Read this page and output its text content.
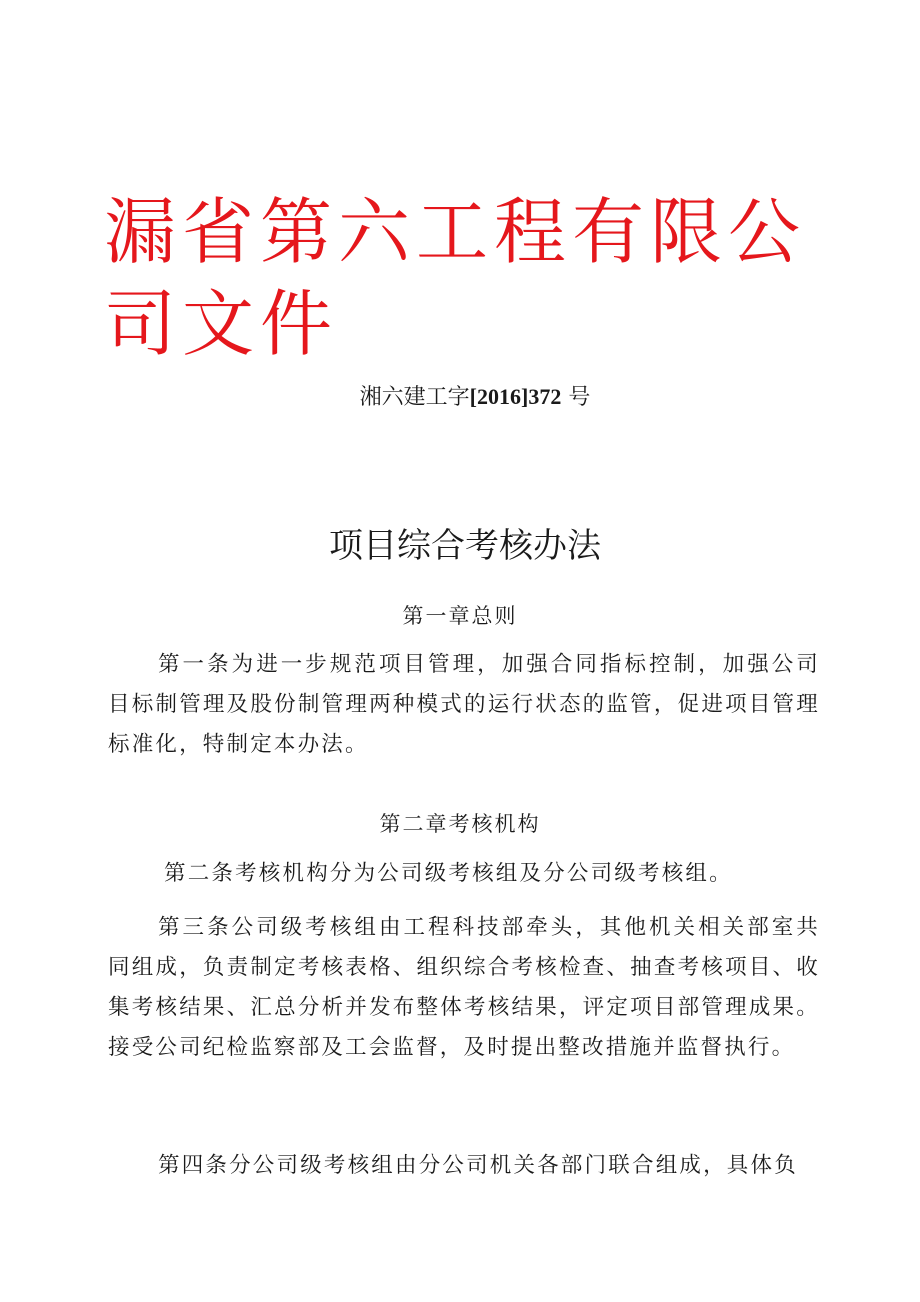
漏省第六工程有限公司文件
湘六建工字[2016]372 号
项目综合考核办法
第一章总则

第一条为进一步规范项目管理，加强合同指标控制，加强公司目标制管理及股份制管理两种模式的运行状态的监管，促进项目管理标准化，特制定本办法。

第二章考核机构

第二条考核机构分为公司级考核组及分公司级考核组。

第三条公司级考核组由工程科技部牵头，其他机关相关部室共同组成，负责制定考核表格、组织综合考核检查、抽查考核项目、收集考核结果、汇总分析并发布整体考核结果，评定项目部管理成果。接受公司纪检监察部及工会监督，及时提出整改措施并监督执行。

第四条分公司级考核组由分公司机关各部门联合组成，具体负
